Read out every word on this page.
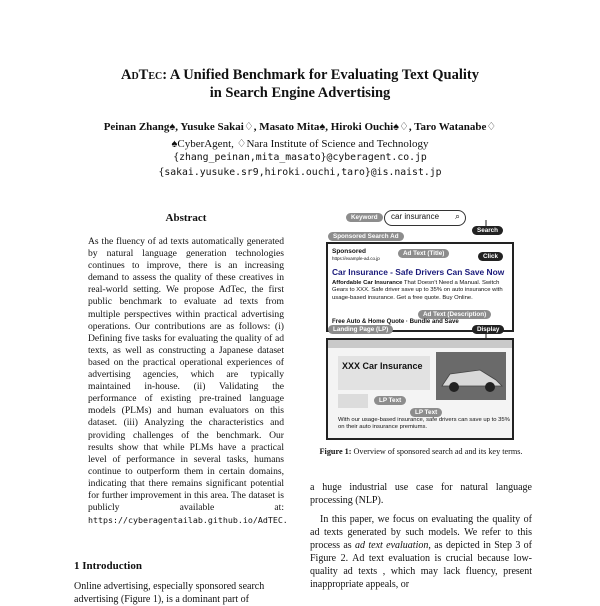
AdTec: A Unified Benchmark for Evaluating Text Quality
in Search Engine Advertising
Peinan Zhang♠, Yusuke Sakai♢, Masato Mita♠, Hiroki Ouchi♠♢, Taro Watanabe♢
♠CyberAgent, ♢Nara Institute of Science and Technology
{zhang_peinan,mita_masato}@cyberagent.co.jp
{sakai.yusuke.sr9,hiroki.ouchi,taro}@is.naist.jp
Abstract
As the fluency of ad texts automatically generated by natural language generation technologies continues to improve, there is an increasing demand to assess the quality of these creatives in real-world setting. We propose AdTec, the first public benchmark to evaluate ad texts from multiple perspectives within practical advertising operations. Our contributions are as follows: (i) Defining five tasks for evaluating the quality of ad texts, as well as constructing a Japanese dataset based on the practical operational experiences of advertising agencies, which are typically maintained in-house. (ii) Validating the performance of existing pre-trained language models (PLMs) and human evaluators on this dataset. (iii) Analyzing the characteristics and providing challenges of the benchmark. Our results show that while PLMs have a practical level of performance in several tasks, humans continue to outperform them in certain domains, indicating that there remains significant potential for further improvement in this area. The dataset is publicly available at: https://cyberagentailab.github.io/AdTEC.
1 Introduction
Online advertising, especially sponsored search advertising (Figure 1), is a dominant part of
Keyword	car insurance ⌕
Search
Sponsored Search Ad
Sponsored
https://example-ad.co.jp
Ad Text (Title)	Click
Car Insurance - Safe Drivers Can Save Now
Affordable Car Insurance That Doesn't Need a Manual. Switch Gears to XXX. Safe driver save up to 35% on auto insurance with usage-based insurance. Get a free quote. Buy Online.
Ad Text (Description)
Free Auto & Home Quote · Bundle and Save
Landing Page (LP)	Display
XXX Car Insurance
LP Text
LP Text
With our usage-based insurance, safe drivers can save up to 35% on their auto insurance premiums.
Figure 1: Overview of sponsored search ad and its key terms.

a huge industrial use case for natural language processing (NLP).

In this paper, we focus on evaluating the quality of ad texts generated by such models. We refer to this process as ad text evaluation, as depicted in Step 3 of Figure 2. Ad text evaluation is crucial because low-quality ad texts , which may lack fluency, present inappropriate appeals, or
